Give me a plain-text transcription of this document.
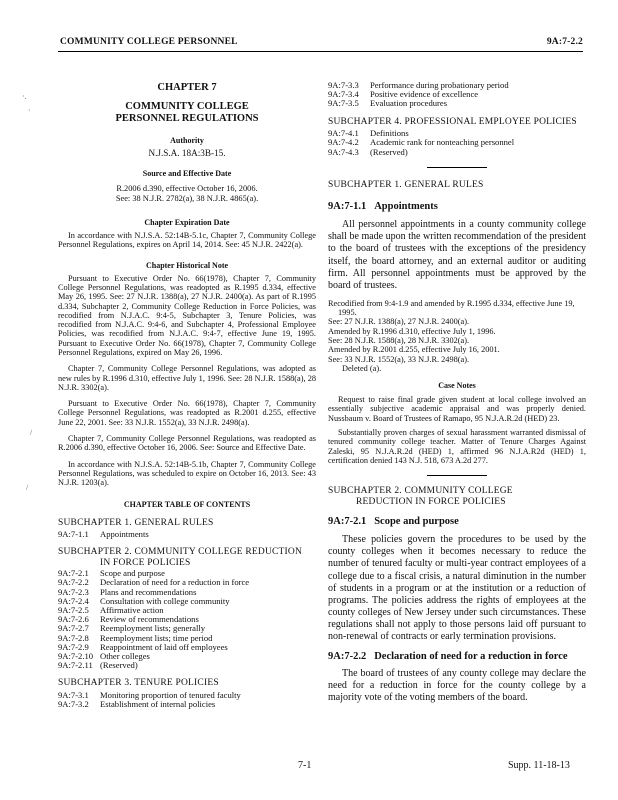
COMMUNITY COLLEGE PERSONNEL	9A:7-2.2
·.
·
/
/

CHAPTER 7

COMMUNITY COLLEGE

PERSONNEL REGULATIONS

Authority

N.J.S.A. 18A:3B-15.

Source and Effective Date

R.2006 d.390, effective October 16, 2006.

See: 38 N.J.R. 2782(a), 38 N.J.R. 4865(a).

Chapter Expiration Date

In accordance with N.J.S.A. 52:14B-5.1c, Chapter 7, Community College Personnel Regulations, expires on April 14, 2014. See: 45 N.J.R. 2422(a).

Chapter Historical Note

Pursuant to Executive Order No. 66(1978), Chapter 7, Community College Personnel Regulations, was readopted as R.1995 d.334, effective May 26, 1995. See: 27 N.J.R. 1388(a), 27 N.J.R. 2400(a). As part of R.1995 d.334, Subchapter 2, Community College Reduction in Force Policies, was recodified from N.J.A.C. 9:4-5, Subchapter 3, Tenure Policies, was recodified from N.J.A.C. 9:4-6, and Subchapter 4, Professional Employee Policies, was recodified from N.J.A.C. 9:4-7, effective June 19, 1995. Pursuant to Executive Order No. 66(1978), Chapter 7, Community College Personnel Regulations, expired on May 26, 1996.

Chapter 7, Community College Personnel Regulations, was adopted as new rules by R.1996 d.310, effective July 1, 1996. See: 28 N.J.R. 1588(a), 28 N.J.R. 3302(a).

Pursuant to Executive Order No. 66(1978), Chapter 7, Community College Personnel Regulations, was readopted as R.2001 d.255, effective June 22, 2001. See: 33 N.J.R. 1552(a), 33 N.J.R. 2498(a).

Chapter 7, Community College Personnel Regulations, was readopted as R.2006 d.390, effective October 16, 2006. See: Source and Effective Date.

In accordance with N.J.S.A. 52:14B-5.1b, Chapter 7, Community College Personnel Regulations, was scheduled to expire on October 16, 2013. See: 43 N.J.R. 1203(a).

CHAPTER TABLE OF CONTENTS

SUBCHAPTER 1. GENERAL RULES

9A:7-1.1	Appointments

SUBCHAPTER 2. COMMUNITY COLLEGE REDUCTION

IN FORCE POLICIES

9A:7-2.1	Scope and purpose
9A:7-2.2	Declaration of need for a reduction in force
9A:7-2.3	Plans and recommendations
9A:7-2.4	Consultation with college community
9A:7-2.5	Affirmative action
9A:7-2.6	Review of recommendations
9A:7-2.7	Reemployment lists; generally
9A:7-2.8	Reemployment lists; time period
9A:7-2.9	Reappointment of laid off employees
9A:7-2.10 Other colleges
9A:7-2.11 (Reserved)

SUBCHAPTER 3. TENURE POLICIES

9A:7-3.1	Monitoring proportion of tenured faculty
9A:7-3.2	Establishment of internal policies
9A:7-3.3	Performance during probationary period
9A:7-3.4	Positive evidence of excellence
9A:7-3.5	Evaluation procedures

SUBCHAPTER 4. PROFESSIONAL EMPLOYEE POLICIES

9A:7-4.1	Definitions
9A:7-4.2	Academic rank for nonteaching personnel
9A:7-4.3	(Reserved)

SUBCHAPTER 1. GENERAL RULES

9A:7-1.1 Appointments

All personnel appointments in a county community college shall be made upon the written recommendation of the president to the board of trustees with the exceptions of the presidency itself, the board attorney, and an external auditor or auditing firm. All personnel appointments must be approved by the board of trustees.

Recodified from 9:4-1.9 and amended by R.1995 d.334, effective June 19, 1995.

See: 27 N.J.R. 1388(a), 27 N.J.R. 2400(a).

Amended by R.1996 d.310, effective July 1, 1996.

See: 28 N.J.R. 1588(a), 28 N.J.R. 3302(a).

Amended by R.2001 d.255, effective July 16, 2001.

See: 33 N.J.R. 1552(a), 33 N.J.R. 2498(a).

Deleted (a).

Case Notes

Request to raise final grade given student at local college involved an essentially subjective academic appraisal and was properly denied. Nussbaum v. Board of Trustees of Ramapo, 95 N.J.A.R.2d (HED) 23.

Substantially proven charges of sexual harassment warranted dismissal of tenured community college teacher. Matter of Tenure Charges Against Zaleski, 95 N.J.A.R.2d (HED) 1, affirmed 96 N.J.A.R2d (HED) 1, certification denied 143 N.J. 518, 673 A.2d 277.

SUBCHAPTER 2. COMMUNITY COLLEGE

REDUCTION IN FORCE POLICIES

9A:7-2.1 Scope and purpose

These policies govern the procedures to be used by the county colleges when it becomes necessary to reduce the number of tenured faculty or multi-year contract employees of a college due to a fiscal crisis, a natural diminution in the number of students in a program or at the institution or a reduction of programs. The policies address the rights of employees at the county colleges of New Jersey under such circumstances. These regulations shall not apply to those persons laid off pursuant to non-renewal of contracts or early termination provisions.

9A:7-2.2 Declaration of need for a reduction in force

The board of trustees of any county college may declare the need for a reduction in force for the county college by a majority vote of the voting members of the board.

7-1	Supp. 11-18-13
